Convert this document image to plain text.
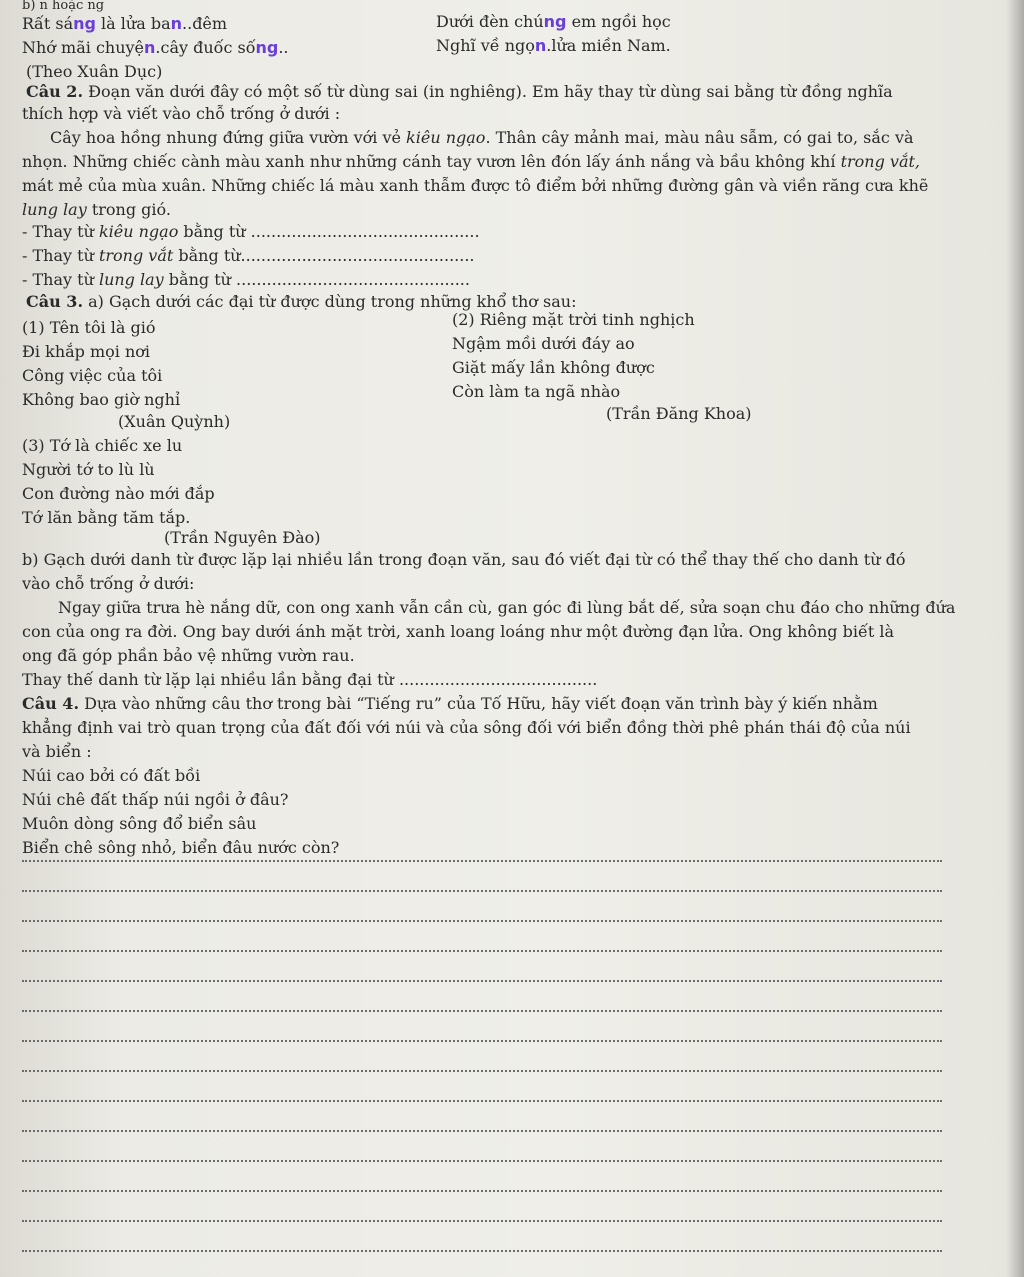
b) n hoặc ng
Rất sáng là lửa ban..đêm	Dưới đèn chúng em ngồi học
Nhớ mãi chuyện.cây đuốc sống..	Nghĩ về ngọn.lửa miền Nam.
(Theo Xuân Dục)
Câu 2. Đoạn văn dưới đây có một số từ dùng sai (in nghiêng). Em hãy thay từ dùng sai bằng từ đồng nghĩa
thích hợp và viết vào chỗ trống ở dưới :
Cây hoa hồng nhung đứng giữa vườn với vẻ kiêu ngạo. Thân cây mảnh mai, màu nâu sẫm, có gai to, sắc và
nhọn. Những chiếc cành màu xanh như những cánh tay vươn lên đón lấy ánh nắng và bầu không khí trong vắt,
mát mẻ của mùa xuân. Những chiếc lá màu xanh thẫm được tô điểm bởi những đường gân và viền răng cưa khẽ
lung lay trong gió.
- Thay từ kiêu ngạo bằng từ .............................................
- Thay từ trong vắt bằng từ..............................................
- Thay từ lung lay bằng từ ..............................................
Câu 3. a) Gạch dưới các đại từ được dùng trong những khổ thơ sau:
(1) Tên tôi là gió
Đi khắp mọi nơi
Công việc của tôi
Không bao giờ nghỉ
(Xuân Quỳnh)
(2) Riêng mặt trời tinh nghịch
Ngậm mồi dưới đáy ao
Giặt mấy lần không được
Còn làm ta ngã nhào
(Trần Đăng Khoa)
(3) Tớ là chiếc xe lu
Người tớ to lù lù
Con đường nào mới đắp
Tớ lăn bằng tăm tắp.
(Trần Nguyên Đào)
b) Gạch dưới danh từ được lặp lại nhiều lần trong đoạn văn, sau đó viết đại từ có thể thay thế cho danh từ đó
vào chỗ trống ở dưới:
Ngay giữa trưa hè nắng dữ, con ong xanh vẫn cần cù, gan góc đi lùng bắt dế, sửa soạn chu đáo cho những đứa
con của ong ra đời. Ong bay dưới ánh mặt trời, xanh loang loáng như một đường đạn lửa. Ong không biết là
ong đã góp phần bảo vệ những vườn rau.
Thay thế danh từ lặp lại nhiều lần bằng đại từ .......................................
Câu 4. Dựa vào những câu thơ trong bài “Tiếng ru” của Tố Hữu, hãy viết đoạn văn trình bày ý kiến nhằm
khẳng định vai trò quan trọng của đất đối với núi và của sông đối với biển đồng thời phê phán thái độ của núi
và biển :
Núi cao bởi có đất bồi
Núi chê đất thấp núi ngồi ở đâu?
Muôn dòng sông đổ biển sâu
Biển chê sông nhỏ, biển đâu nước còn?
